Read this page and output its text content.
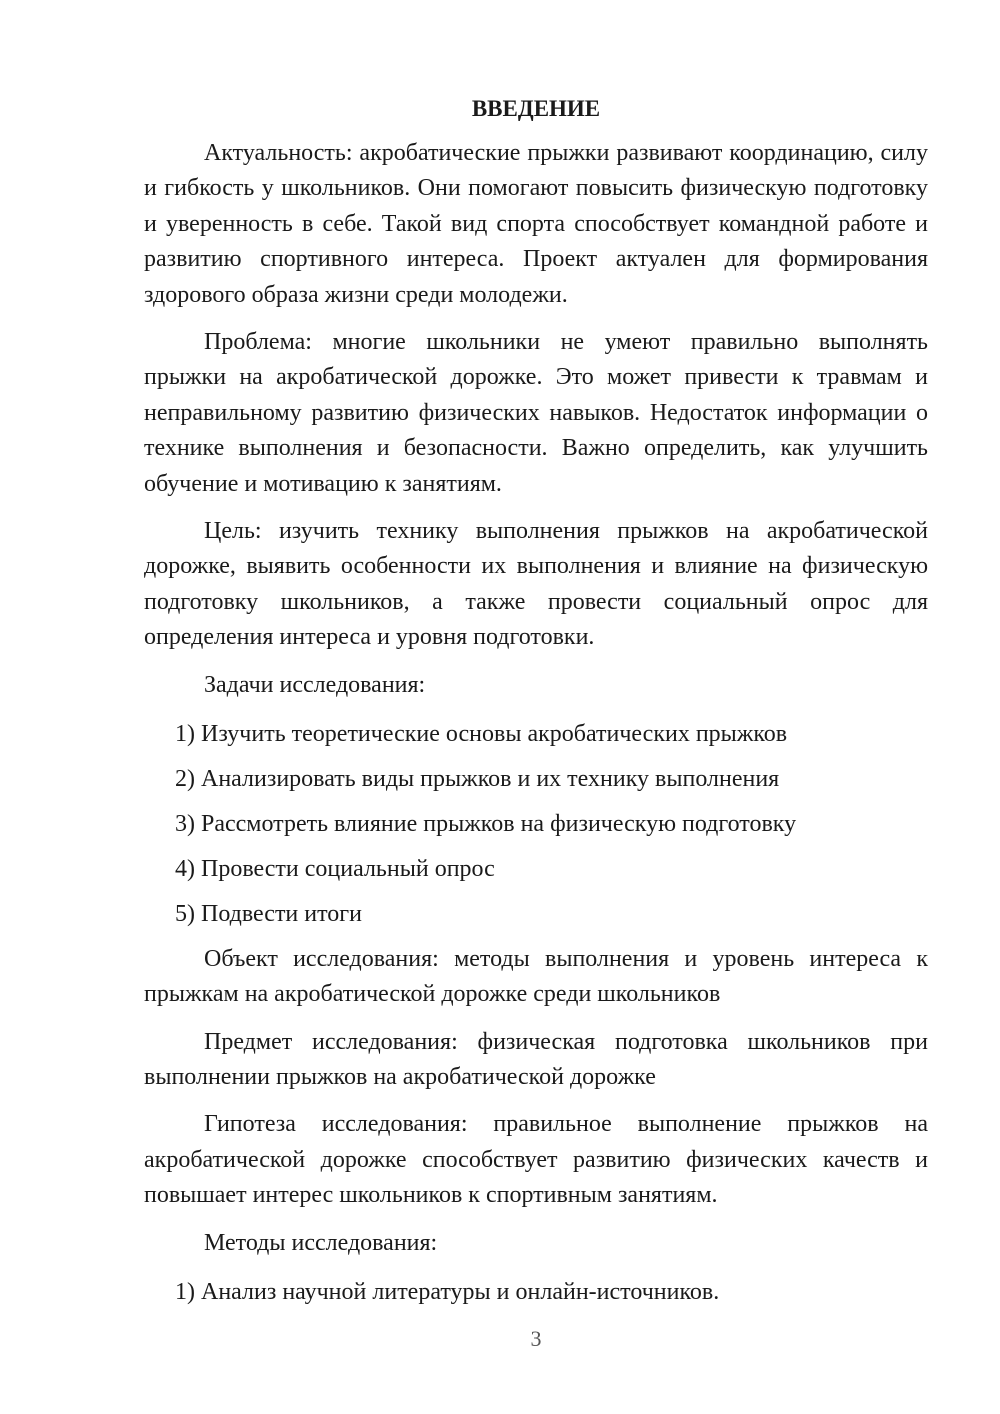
ВВЕДЕНИЕ

Актуальность: акробатические прыжки развивают координацию, силу и гибкость у школьников. Они помогают повысить физическую подготовку и уверенность в себе. Такой вид спорта способствует командной работе и развитию спортивного интереса. Проект актуален для формирования здорового образа жизни среди молодежи.

Проблема: многие школьники не умеют правильно выполнять прыжки на акробатической дорожке. Это может привести к травмам и неправильному развитию физических навыков. Недостаток информации о технике выполнения и безопасности. Важно определить, как улучшить обучение и мотивацию к занятиям.

Цель: изучить технику выполнения прыжков на акробатической дорожке, выявить особенности их выполнения и влияние на физическую подготовку школьников, а также провести социальный опрос для определения интереса и уровня подготовки.

Задачи исследования:
1) Изучить теоретические основы акробатических прыжков
2) Анализировать виды прыжков и их технику выполнения
3) Рассмотреть влияние прыжков на физическую подготовку
4) Провести социальный опрос
5) Подвести итоги

Объект исследования: методы выполнения и уровень интереса к прыжкам на акробатической дорожке среди школьников

Предмет исследования: физическая подготовка школьников при выполнении прыжков на акробатической дорожке

Гипотеза исследования: правильное выполнение прыжков на акробатической дорожке способствует развитию физических качеств и повышает интерес школьников к спортивным занятиям.

Методы исследования:
1) Анализ научной литературы и онлайн-источников.
3
